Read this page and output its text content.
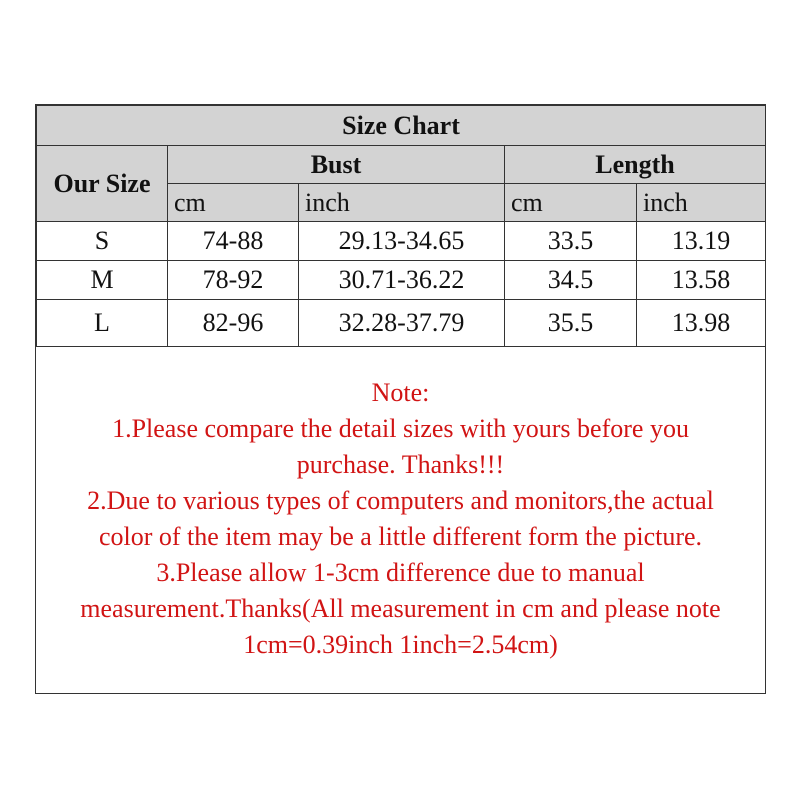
Size Chart				
Our Size	Bust		Length	
	cm	inch	cm	inch
S	74-88	29.13-34.65	33.5	13.19
M	78-92	30.71-36.22	34.5	13.58
L	82-96	32.28-37.79	35.5	13.98
Note:
1.Please compare the detail sizes with yours before you
purchase. Thanks!!!
2.Due to various types of computers and monitors,the actual
color of the item may be a little different form the picture.
3.Please allow 1-3cm difference due to manual
measurement.Thanks(All measurement in cm and please note
1cm=0.39inch 1inch=2.54cm)
